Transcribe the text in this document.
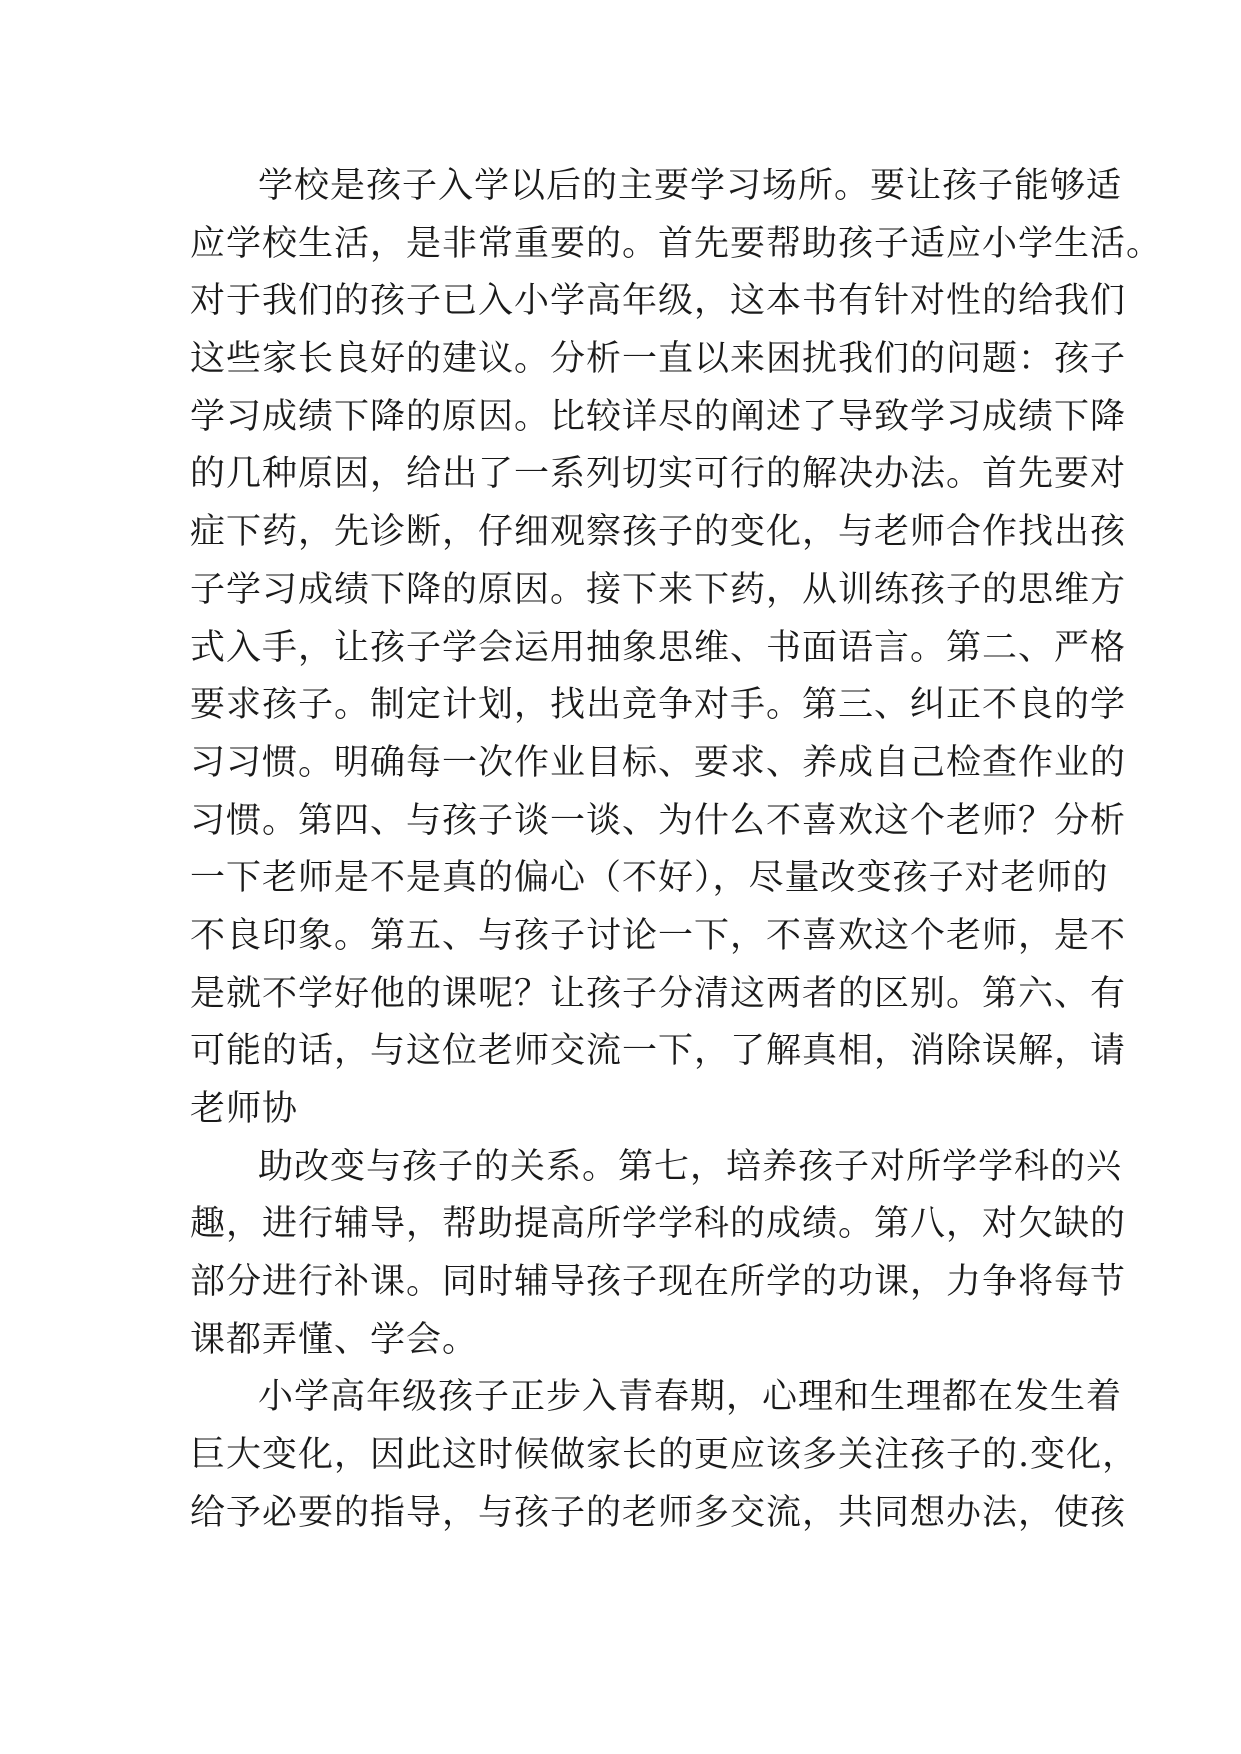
学校是孩子入学以后的主要学习场所。要让孩子能够适
应学校生活，是非常重要的。首先要帮助孩子适应小学生活。
对于我们的孩子已入小学高年级，这本书有针对性的给我们
这些家长良好的建议。分析一直以来困扰我们的问题：孩子
学习成绩下降的原因。比较详尽的阐述了导致学习成绩下降
的几种原因，给出了一系列切实可行的解决办法。首先要对
症下药，先诊断，仔细观察孩子的变化，与老师合作找出孩
子学习成绩下降的原因。接下来下药，从训练孩子的思维方
式入手，让孩子学会运用抽象思维、书面语言。第二、严格
要求孩子。制定计划，找出竞争对手。第三、纠正不良的学
习习惯。明确每一次作业目标、要求、养成自己检查作业的
习惯。第四、与孩子谈一谈、为什么不喜欢这个老师？分析
一下老师是不是真的偏心（不好），尽量改变孩子对老师的
不良印象。第五、与孩子讨论一下，不喜欢这个老师，是不
是就不学好他的课呢？让孩子分清这两者的区别。第六、有
可能的话，与这位老师交流一下，了解真相，消除误解，请
老师协
助改变与孩子的关系。第七，培养孩子对所学学科的兴
趣，进行辅导，帮助提高所学学科的成绩。第八，对欠缺的
部分进行补课。同时辅导孩子现在所学的功课，力争将每节
课都弄懂、学会。
小学高年级孩子正步入青春期，心理和生理都在发生着
巨大变化，因此这时候做家长的更应该多关注孩子的.变化，
给予必要的指导，与孩子的老师多交流，共同想办法，使孩
